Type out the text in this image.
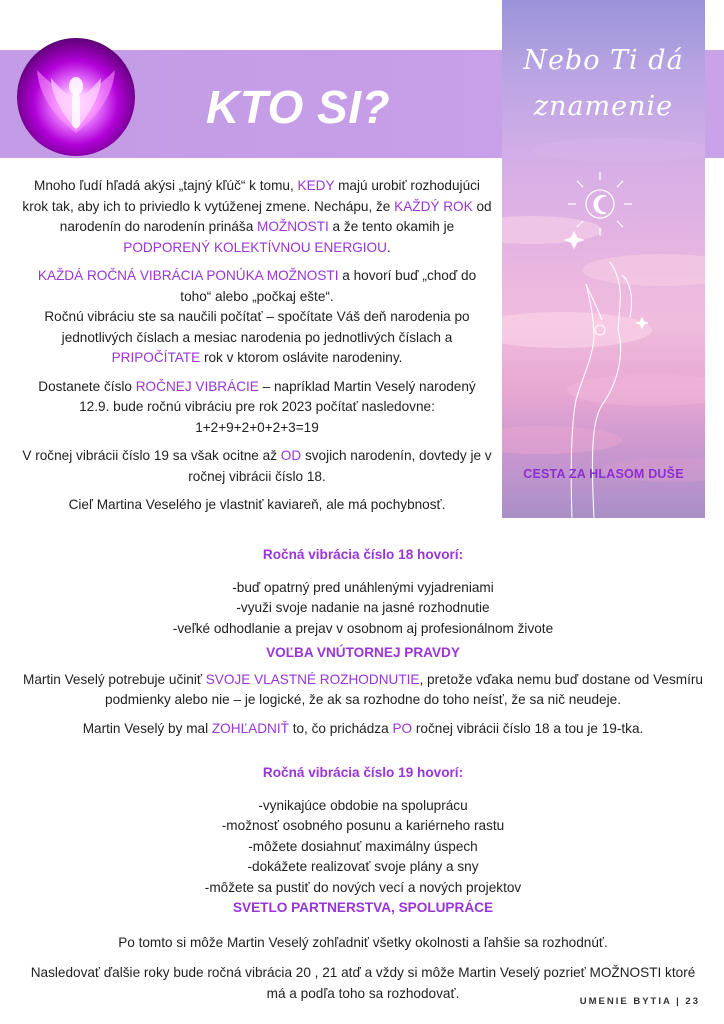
KTO SI?
Nebo Ti dá
znamenie
CESTA ZA HLASOM DUŠE

Mnoho ľudí hľadá akýsi „tajný kľúč“ k tomu, KEDY majú urobiť rozhodujúci krok tak, aby ich to priviedlo k vytúženej zmene. Nechápu, že KAŽDÝ ROK od narodenín do narodenín prináša MOŽNOSTI a že tento okamih je PODPORENÝ KOLEKTÍVNOU ENERGIOU.

KAŽDÁ ROČNÁ VIBRÁCIA PONÚKA MOŽNOSTI a hovorí buď „choď do toho“ alebo „počkaj ešte“.

Ročnú vibráciu ste sa naučili počítať – spočítate Váš deň narodenia po jednotlivých číslach a mesiac narodenia po jednotlivých číslach a PRIPOČÍTATE rok v ktorom oslávite narodeniny.

Dostanete číslo ROČNEJ VIBRÁCIE – napríklad Martin Veselý narodený 12.9. bude ročnú vibráciu pre rok 2023 počítať nasledovne:

1+2+9+2+0+2+3=19

V ročnej vibrácii číslo 19 sa však ocitne až OD svojich narodenín, dovtedy je v ročnej vibrácii číslo 18.

Cieľ Martina Veselého je vlastniť kaviareň, ale má pochybnosť.

Ročná vibrácia číslo 18 hovorí:

-buď opatrný pred unáhlenými vyjadreniami

-využi svoje nadanie na jasné rozhodnutie

-veľké odhodlanie a prejav v osobnom aj profesionálnom živote

VOĽBA VNÚTORNEJ PRAVDY

Martin Veselý potrebuje učiniť SVOJE VLASTNÉ ROZHODNUTIE, pretože vďaka nemu buď dostane od Vesmíru podmienky alebo nie – je logické, že ak sa rozhodne do toho neísť, že sa nič neudeje.

Martin Veselý by mal ZOHĽADNIŤ to, čo prichádza PO ročnej vibrácii číslo 18 a tou je 19-tka.

Ročná vibrácia číslo 19 hovorí:

-vynikajúce obdobie na spoluprácu

-možnosť osobného posunu a kariérneho rastu

-môžete dosiahnuť maximálny úspech

-dokážete realizovať svoje plány a sny

-môžete sa pustiť do nových vecí a nových projektov

SVETLO PARTNERSTVA, SPOLUPRÁCE

Po tomto si môže Martin Veselý zohľadniť všetky okolnosti a ľahšie sa rozhodnúť.

Nasledovať ďalšie roky bude ročná vibrácia 20 , 21 atď a vždy si môže Martin Veselý pozrieť MOŽNOSTI ktoré má a podľa toho sa rozhodovať.

UMENIE BYTIA | 23
